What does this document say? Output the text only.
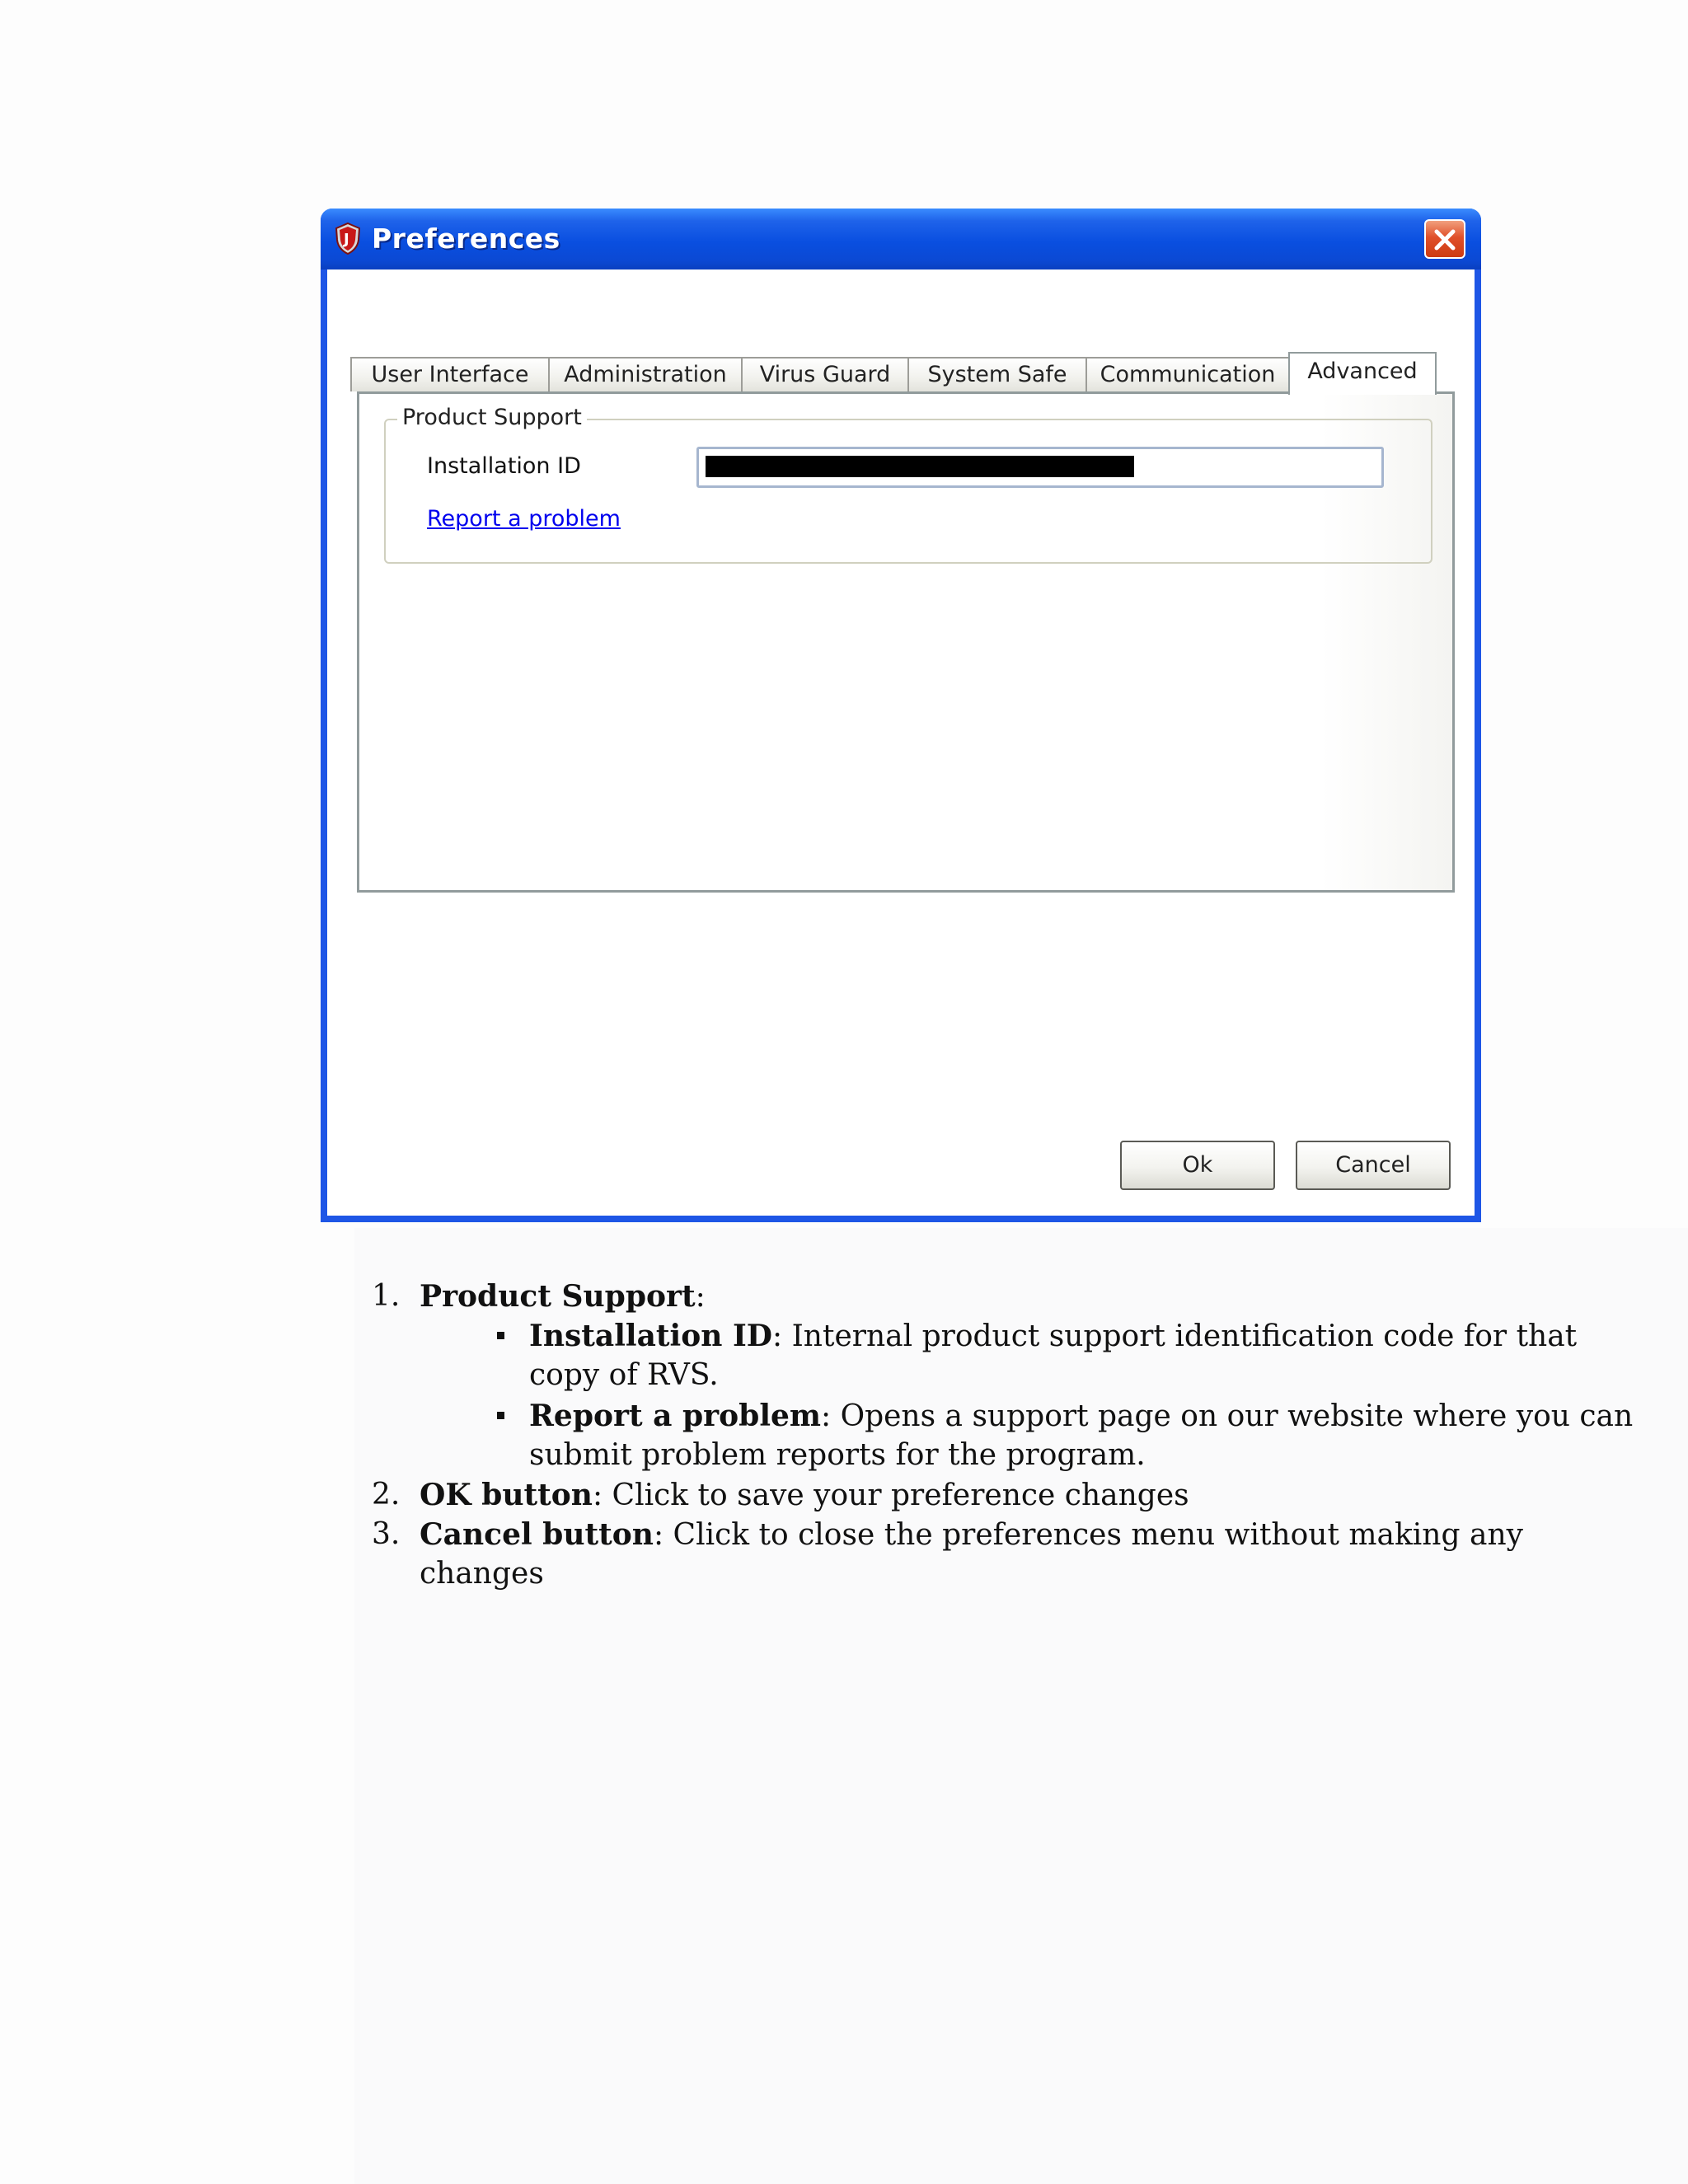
J Preferences
User Interface	Administration	Virus Guard	System Safe	Communication	Advanced
Product Support
Installation ID
Report a problem
Ok	Cancel
1. Product Support:
Installation ID: Internal product support identification code for that
copy of RVS.
Report a problem: Opens a support page on our website where you can
submit problem reports for the program.
2. OK button: Click to save your preference changes
3. Cancel button: Click to close the preferences menu without making any
changes
